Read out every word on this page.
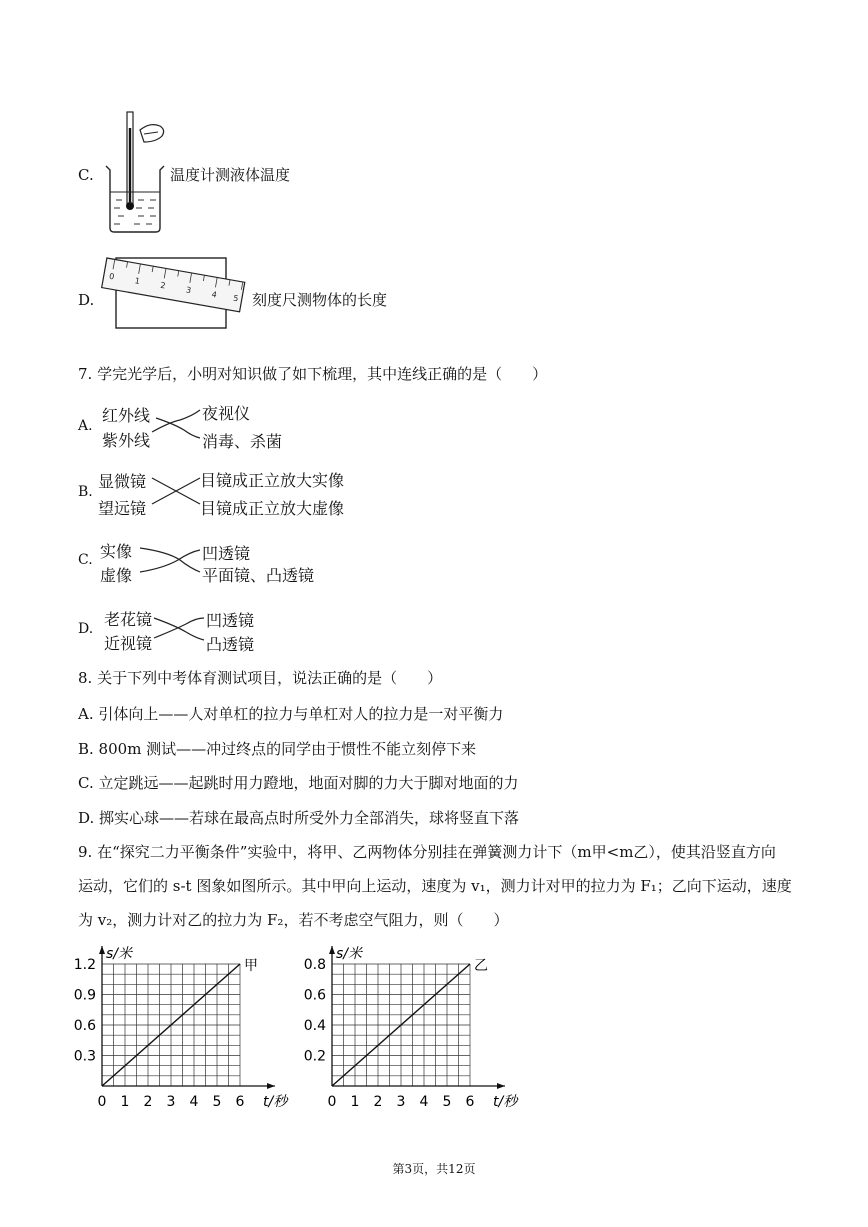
C.	温度计测液体温度
D.
0 1 2 3 4 5 刻度尺测物体的长度
7. 学完光学后，小明对知识做了如下梳理，其中连线正确的是（　　）
A.
红外线
紫外线
夜视仪
消毒、杀菌
B.
显微镜
望远镜
目镜成正立放大实像
目镜成正立放大虚像
C. 实像
虚像
凹透镜
平面镜、凸透镜
D. 老花镜
近视镜
凹透镜
凸透镜
8. 关于下列中考体育测试项目，说法正确的是（　　）
A. 引体向上——人对单杠的拉力与单杠对人的拉力是一对平衡力
B. 800m 测试——冲过终点的同学由于惯性不能立刻停下来
C. 立定跳远——起跳时用力蹬地，地面对脚的力大于脚对地面的力
D. 掷实心球——若球在最高点时所受外力全部消失，球将竖直下落
9. 在“探究二力平衡条件”实验中，将甲、乙两物体分别挂在弹簧测力计下（m甲<m乙），使其沿竖直方向
运动，它们的 s-t 图象如图所示。其中甲向上运动，速度为 v₁，测力计对甲的拉力为 F₁；乙向下运动，速度
为 v₂，测力计对乙的拉力为 F₂，若不考虑空气阻力，则（　　）
s/米
t/秒
0 1 2 3 4 5 6
0.3
0.6
0.9
1.2	甲
s/米
t/秒
0 1 2 3 4 5 6
0.2
0.4
0.6
0.8	乙
第3页，共12页
